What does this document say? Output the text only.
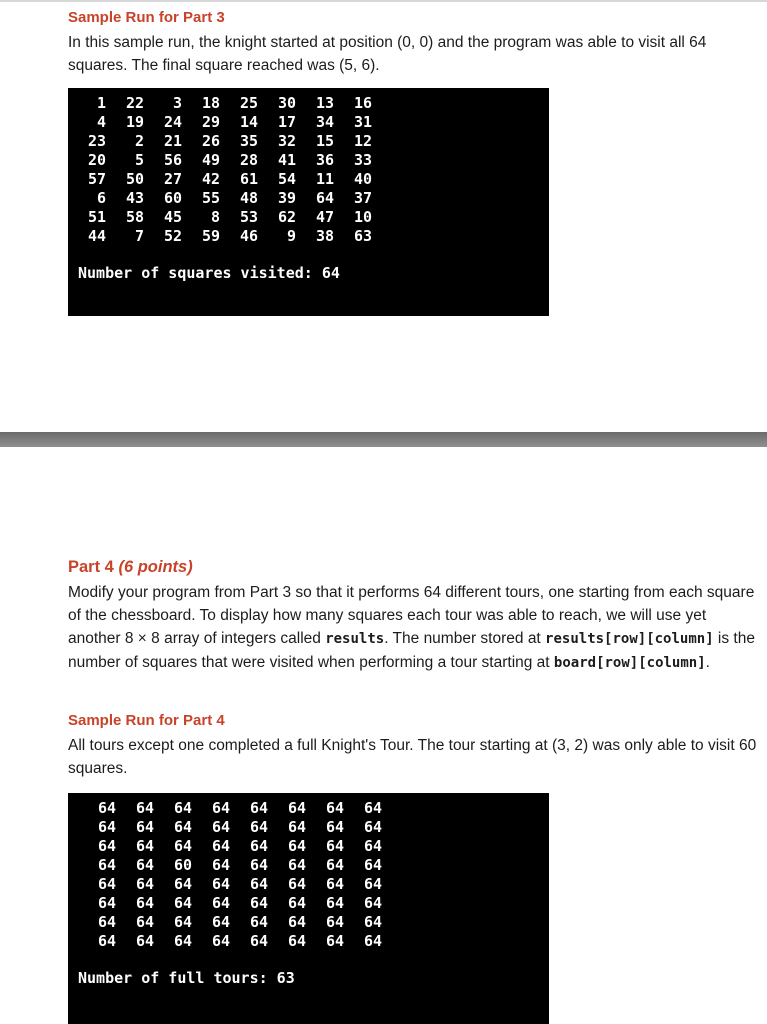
Sample Run for Part 3

In this sample run, the knight started at position (0, 0) and the program was able to visit all 64 squares. The final square reached was (5, 6).

1	22	3	18	25	30	13	16
4	19	24	29	14	17	34	31
23	2	21	26	35	32	15	12
20	5	56	49	28	41	36	33
57	50	27	42	61	54	11	40
6	43	60	55	48	39	64	37
51	58	45	8	53	62	47	10
44	7	52	59	46	9	38	63
Number of squares visited: 64
Part 4 (6 points)

Modify your program from Part 3 so that it performs 64 different tours, one starting from each square of the chessboard. To display how many squares each tour was able to reach, we will use yet another 8 × 8 array of integers called results. The number stored at results[row][column] is the number of squares that were visited when performing a tour starting at board[row][column].

Sample Run for Part 4

All tours except one completed a full Knight's Tour. The tour starting at (3, 2) was only able to visit 60 squares.

64	64	64	64	64	64	64	64
64	64	64	64	64	64	64	64
64	64	64	64	64	64	64	64
64	64	60	64	64	64	64	64
64	64	64	64	64	64	64	64
64	64	64	64	64	64	64	64
64	64	64	64	64	64	64	64
64	64	64	64	64	64	64	64
Number of full tours: 63
